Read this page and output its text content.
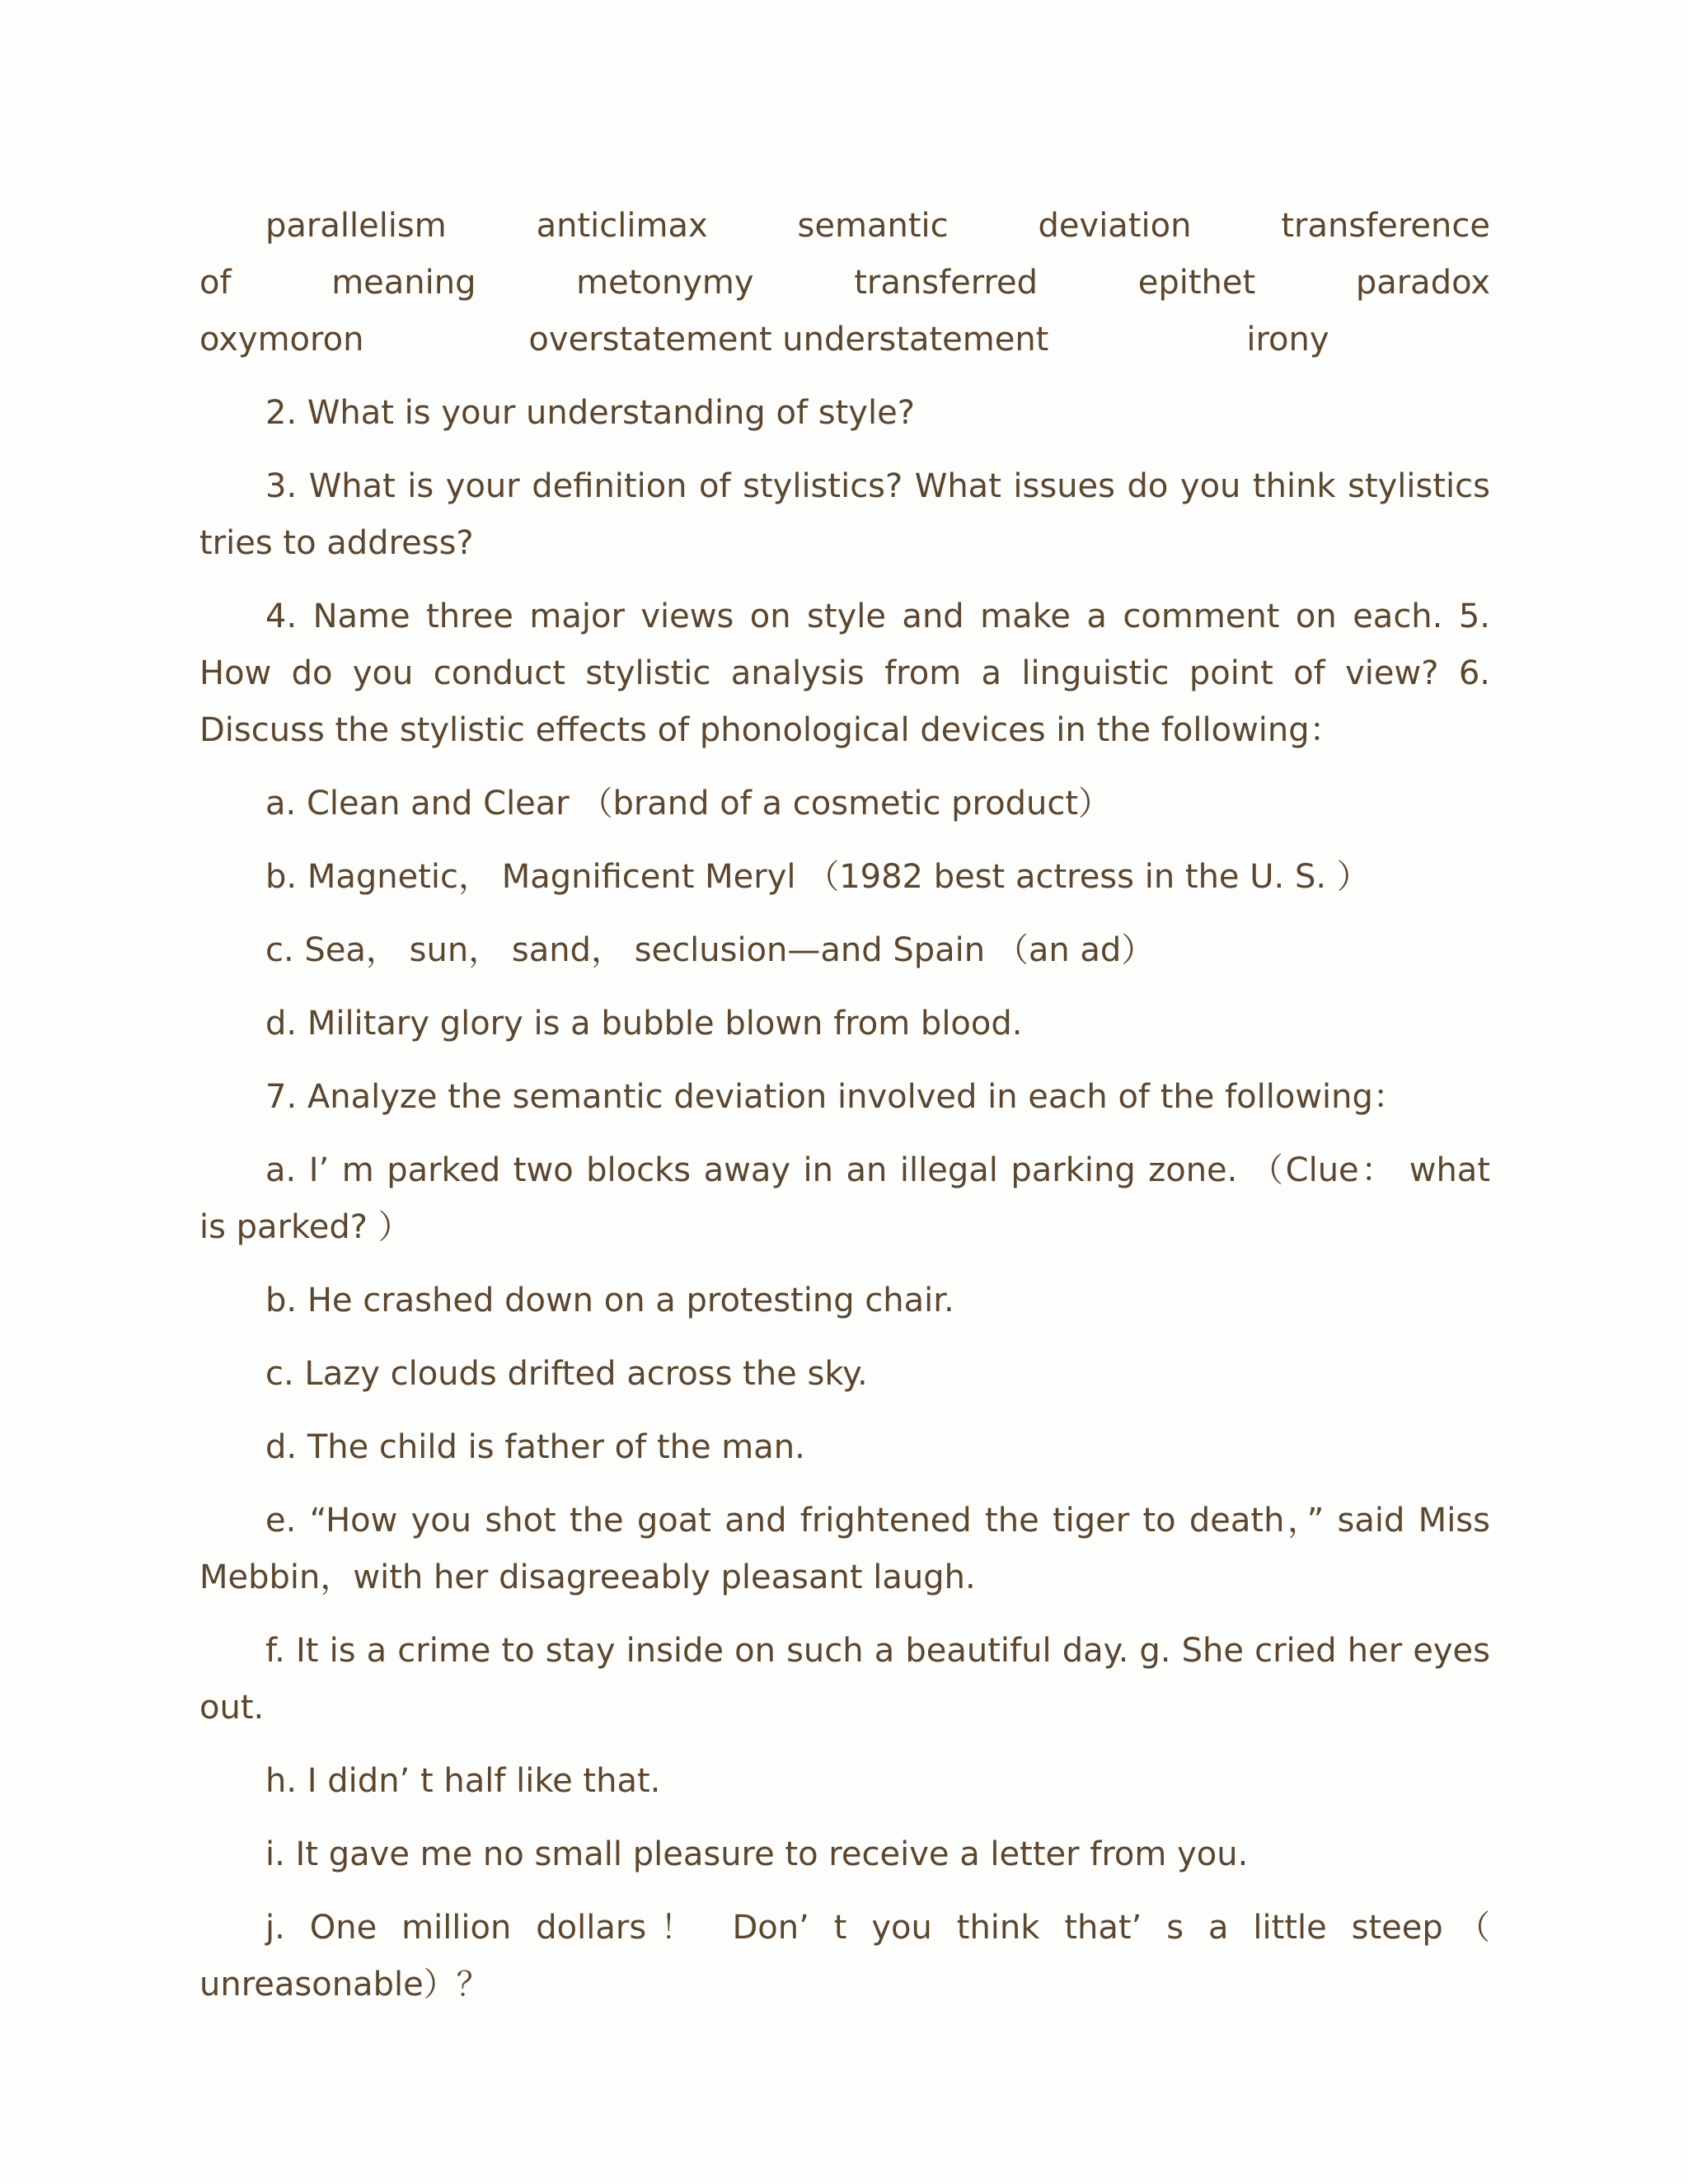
parallelism	anticlimax	semantic	deviation	transference
of	meaning	metonymy	transferred	epithet	paradox
oxymoron	overstatement understatement	irony

2. What is your understanding of style?

3. What is your definition of stylistics? What issues do you think stylistics tries to address?

4. Name three major views on style and make a comment on each. 5. How do you conduct stylistic analysis from a linguistic point of view? 6. Discuss the stylistic effects of phonological devices in the following：

a. Clean and Clear （brand of a cosmetic product）

b. Magnetic， Magnificent Meryl （1982 best actress in the U. S. ）

c. Sea， sun， sand， seclusion—and Spain （an ad）

d. Military glory is a bubble blown from blood.

7. Analyze the semantic deviation involved in each of the following：

a. I’ m parked two blocks away in an illegal parking zone. （Clue： what is parked? ）

b. He crashed down on a protesting chair.

c. Lazy clouds drifted across the sky.

d. The child is father of the man.

e. “How you shot the goat and frightened the tiger to death，” said Miss Mebbin，with her disagreeably pleasant laugh.

f. It is a crime to stay inside on such a beautiful day. g. She cried her eyes out.

h. I didn’ t half like that.

i. It gave me no small pleasure to receive a letter from you.

j. One million dollars！ Don’ t you think that’ s a little steep（ unreasonable）？
